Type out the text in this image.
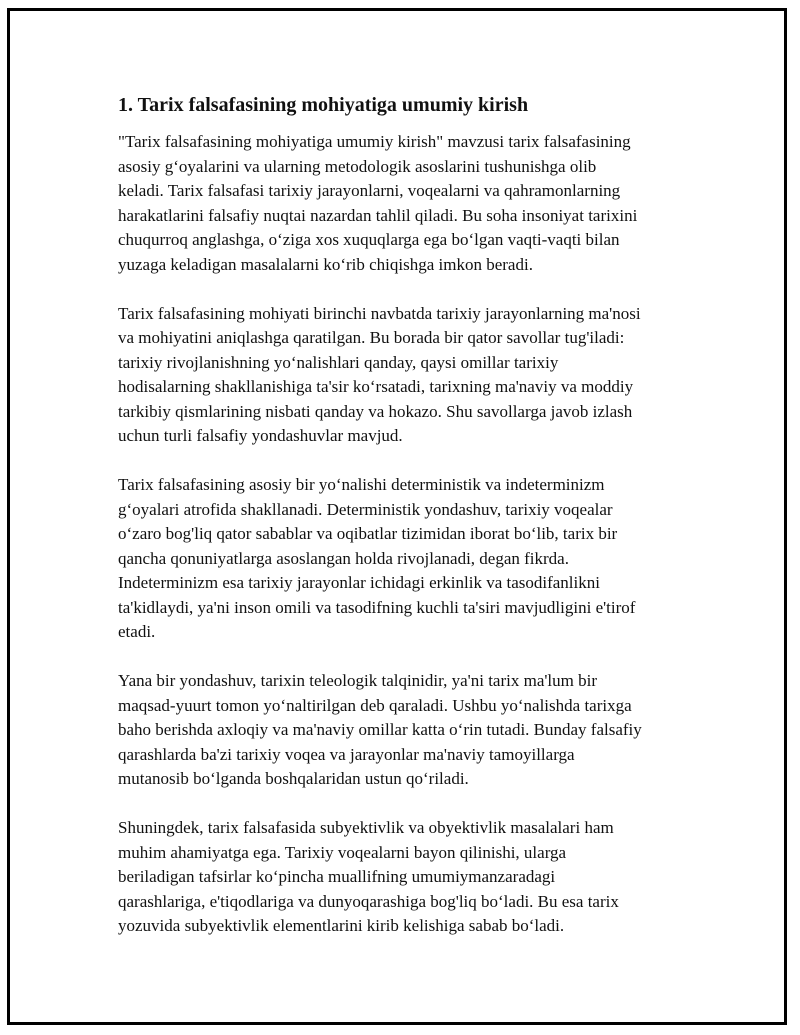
1. Tarix falsafasining mohiyatiga umumiy kirish

"Tarix falsafasining mohiyatiga umumiy kirish" mavzusi tarix falsafasining
asosiy g‘oyalarini va ularning metodologik asoslarini tushunishga olib
keladi. Tarix falsafasi tarixiy jarayonlarni, voqealarni va qahramonlarning
harakatlarini falsafiy nuqtai nazardan tahlil qiladi. Bu soha insoniyat tarixini
chuqurroq anglashga, o‘ziga xos xuquqlarga ega bo‘lgan vaqti-vaqti bilan
yuzaga keladigan masalalarni ko‘rib chiqishga imkon beradi.

Tarix falsafasining mohiyati birinchi navbatda tarixiy jarayonlarning ma'nosi
va mohiyatini aniqlashga qaratilgan. Bu borada bir qator savollar tug'iladi:
tarixiy rivojlanishning yo‘nalishlari qanday, qaysi omillar tarixiy
hodisalarning shakllanishiga ta'sir ko‘rsatadi, tarixning ma'naviy va moddiy
tarkibiy qismlarining nisbati qanday va hokazo. Shu savollarga javob izlash
uchun turli falsafiy yondashuvlar mavjud.

Tarix falsafasining asosiy bir yo‘nalishi deterministik va indeterminizm
g‘oyalari atrofida shakllanadi. Deterministik yondashuv, tarixiy voqealar
o‘zaro bog'liq qator sabablar va oqibatlar tizimidan iborat bo‘lib, tarix bir
qancha qonuniyatlarga asoslangan holda rivojlanadi, degan fikrda.
Indeterminizm esa tarixiy jarayonlar ichidagi erkinlik va tasodifanlikni
ta'kidlaydi, ya'ni inson omili va tasodifning kuchli ta'siri mavjudligini e'tirof
etadi.

Yana bir yondashuv, tarixin teleologik talqinidir, ya'ni tarix ma'lum bir
maqsad-yuurt tomon yo‘naltirilgan deb qaraladi. Ushbu yo‘nalishda tarixga
baho berishda axloqiy va ma'naviy omillar katta o‘rin tutadi. Bunday falsafiy
qarashlarda ba'zi tarixiy voqea va jarayonlar ma'naviy tamoyillarga
mutanosib bo‘lganda boshqalaridan ustun qo‘riladi.

Shuningdek, tarix falsafasida subyektivlik va obyektivlik masalalari ham
muhim ahamiyatga ega. Tarixiy voqealarni bayon qilinishi, ularga
beriladigan tafsirlar ko‘pincha muallifning umumiymanzaradagi
qarashlariga, e'tiqodlariga va dunyoqarashiga bog'liq bo‘ladi. Bu esa tarix
yozuvida subyektivlik elementlarini kirib kelishiga sabab bo‘ladi.
